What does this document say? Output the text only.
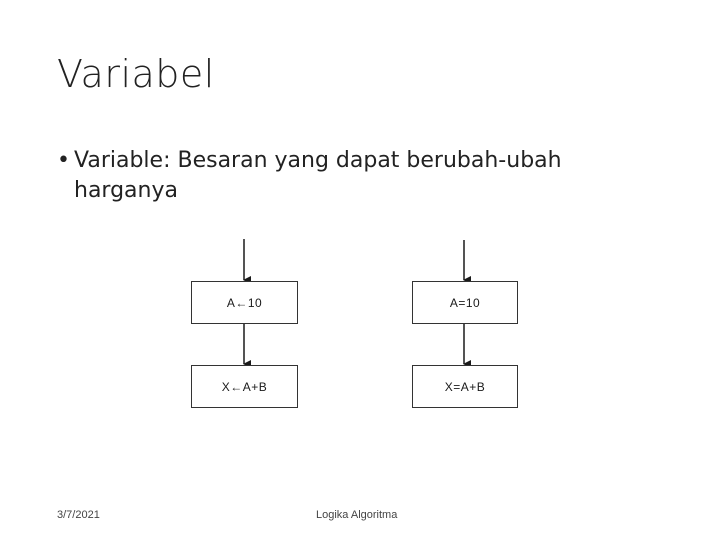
Variabel
• Variable: Besaran yang dapat berubah-ubah harganya
A←10	A=10
X←A+B	X=A+B
3/7/2021	Logika Algoritma
